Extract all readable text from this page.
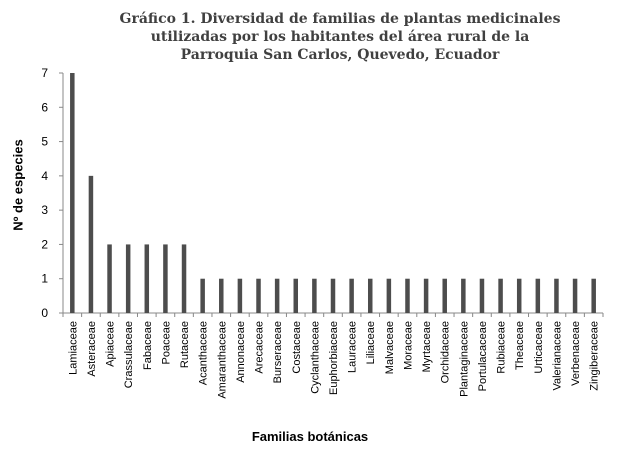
Gráfico 1. Diversidad de familias de plantas medicinales
utilizadas por los habitantes del área rural de la
Parroquia San Carlos, Quevedo, Ecuador
Nº de especies
0
1
2
3
4
5
6
7
Lamiaceae Asteraceae Apiaceae Crassulaceae Fabaceae Poaceae Rutaceae Acanthaceae Amaranthaceae Annonaceae Arecaceae Burseraceae Costaceae Cyclanthaceae Euphorbiaceae Lauraceae Liliaceae Malvaceae Moraceae Myrtaceae Orchidaceae Plantaginaceae Portulacaceae Rubiaceae Theaceae Urticaceae Valerianaceae Verbenaceae Zingiberaceae
Familias botánicas
